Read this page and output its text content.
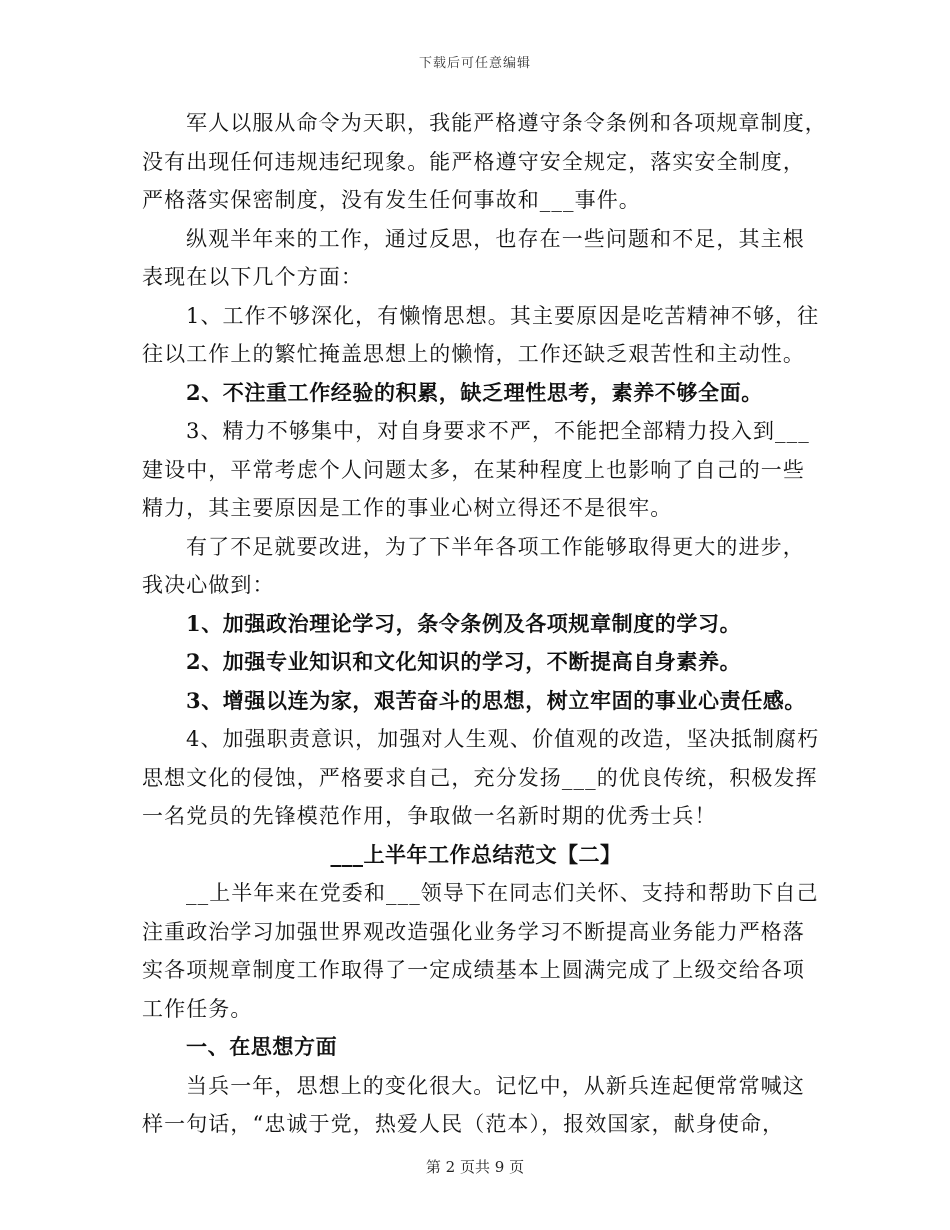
下载后可任意编辑
军人以服从命令为天职，我能严格遵守条令条例和各项规章制度，
没有出现任何违规违纪现象。能严格遵守安全规定，落实安全制度，
严格落实保密制度，没有发生任何事故和___事件。
纵观半年来的工作，通过反思，也存在一些问题和不足，其主根
表现在以下几个方面：
1、工作不够深化，有懒惰思想。其主要原因是吃苦精神不够，往
往以工作上的繁忙掩盖思想上的懒惰，工作还缺乏艰苦性和主动性。
2、不注重工作经验的积累，缺乏理性思考，素养不够全面。
3、精力不够集中，对自身要求不严，不能把全部精力投入到___
建设中，平常考虑个人问题太多，在某种程度上也影响了自己的一些
精力，其主要原因是工作的事业心树立得还不是很牢。
有了不足就要改进，为了下半年各项工作能够取得更大的进步，
我决心做到：
1、加强政治理论学习，条令条例及各项规章制度的学习。
2、加强专业知识和文化知识的学习，不断提高自身素养。
3、增强以连为家，艰苦奋斗的思想，树立牢固的事业心责任感。
4、加强职责意识，加强对人生观、价值观的改造，坚决抵制腐朽
思想文化的侵蚀，严格要求自己，充分发扬___的优良传统，积极发挥
一名党员的先锋模范作用，争取做一名新时期的优秀士兵！
___上半年工作总结范文【二】
__上半年来在党委和___领导下在同志们关怀、支持和帮助下自己
注重政治学习加强世界观改造强化业务学习不断提高业务能力严格落
实各项规章制度工作取得了一定成绩基本上圆满完成了上级交给各项
工作任务。
一、在思想方面
当兵一年，思想上的变化很大。记忆中，从新兵连起便常常喊这
样一句话，“忠诚于党，热爱人民（范本），报效国家，献身使命，
第 2 页共 9 页
